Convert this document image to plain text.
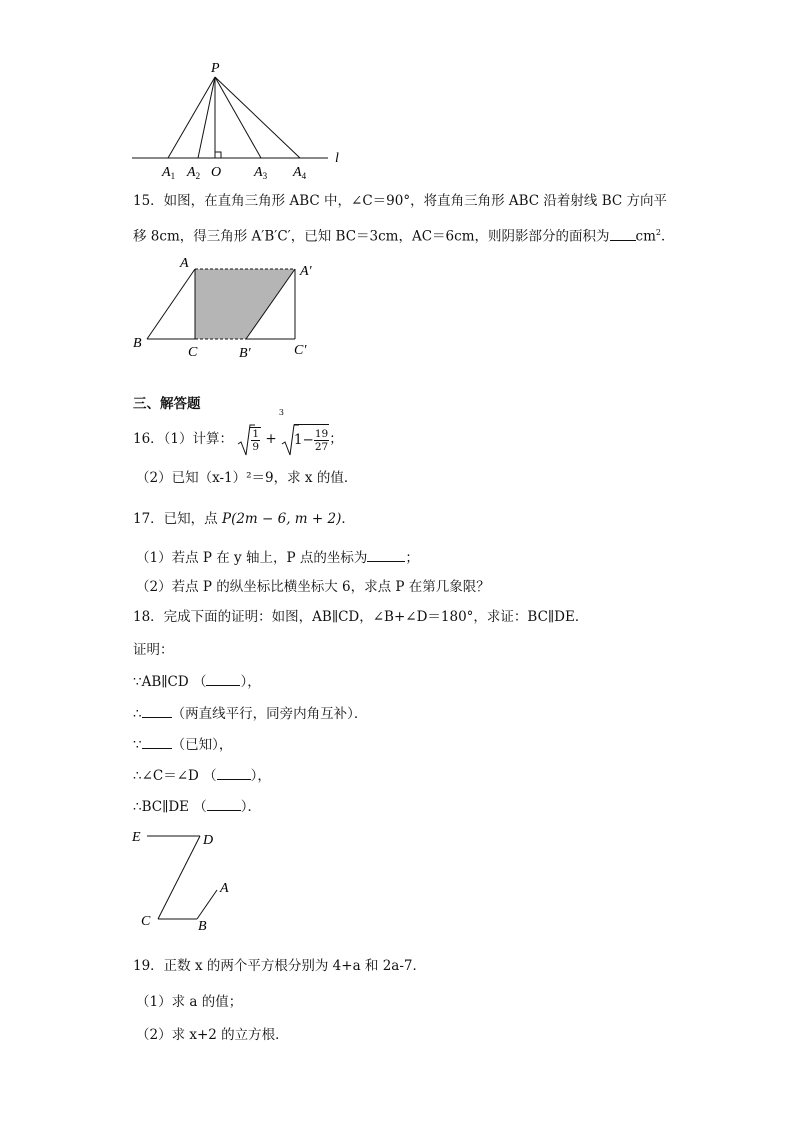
P
$A_1$ $A_2$ O $A_3$ $A_4$
l
15．如图，在直角三角形 ABC 中，∠C＝90°，将直角三角形 ABC 沿着射线 BC 方向平
移 8cm，得三角形 A′B′C′，已知 BC＝3cm，AC＝6cm，则阴影部分的面积为 $cm^2$．
A
A′
B
C	B′	C′
三、解答题
16．（1）计算： $\frac{1}{9}$ +
3
$1- \frac{19}{27}$ ；
（2）已知（x-1）²＝9，求 x 的值．
17．已知，点 P(2m − 6, m + 2)．
（1）若点 P 在 y 轴上，P 点的坐标为	；
（2）若点 P 的纵坐标比横坐标大 6，求点 P 在第几象限？
18．完成下面的证明：如图，AB∥CD，∠B+∠D＝180°，求证：BC∥DE．
证明：
∵AB∥CD （	），
∴ （两直线平行，同旁内角互补）．
∵ （已知），
∴∠C＝∠D （	），
∴BC∥DE （	）．
E	D
A
C	B
19．正数 x 的两个平方根分别为 4+a 和 2a-7．
（1）求 a 的值；
（2）求 x+2 的立方根．
